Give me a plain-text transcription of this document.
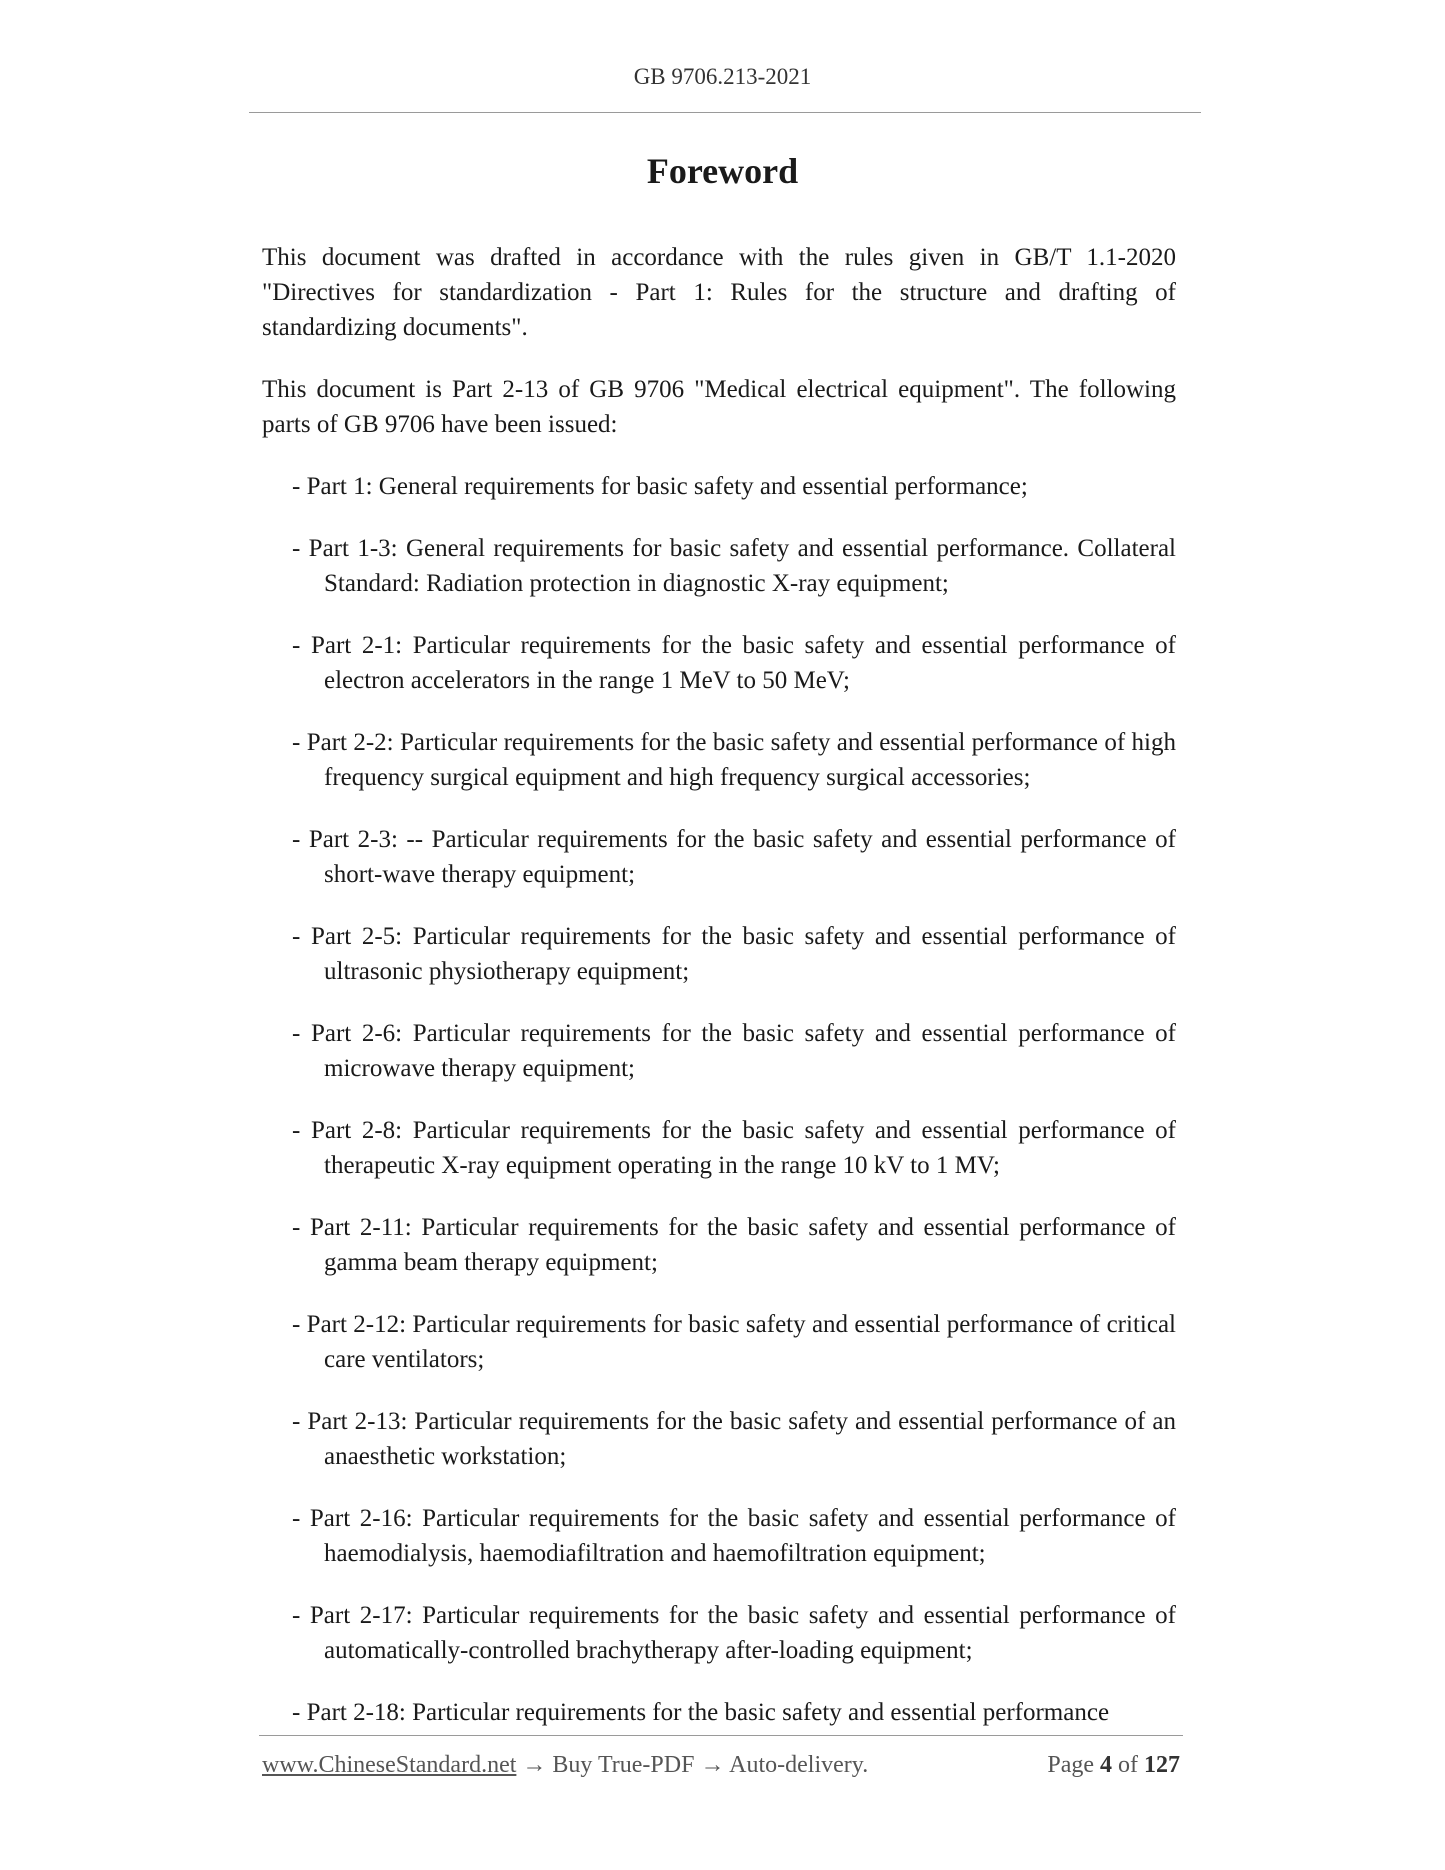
GB 9706.213-2021
Foreword

This document was drafted in accordance with the rules given in GB/T 1.1-2020 "Directives for standardization - Part 1: Rules for the structure and drafting of standardizing documents".

This document is Part 2-13 of GB 9706 "Medical electrical equipment". The following parts of GB 9706 have been issued:

- Part 1: General requirements for basic safety and essential performance;
- Part 1-3: General requirements for basic safety and essential performance. Collateral Standard: Radiation protection in diagnostic X-ray equipment;
- Part 2-1: Particular requirements for the basic safety and essential performance of electron accelerators in the range 1 MeV to 50 MeV;
- Part 2-2: Particular requirements for the basic safety and essential performance of high frequency surgical equipment and high frequency surgical accessories;
- Part 2-3: -- Particular requirements for the basic safety and essential performance of short-wave therapy equipment;
- Part 2-5: Particular requirements for the basic safety and essential performance of ultrasonic physiotherapy equipment;
- Part 2-6: Particular requirements for the basic safety and essential performance of microwave therapy equipment;
- Part 2-8: Particular requirements for the basic safety and essential performance of therapeutic X-ray equipment operating in the range 10 kV to 1 MV;
- Part 2-11: Particular requirements for the basic safety and essential performance of gamma beam therapy equipment;
- Part 2-12: Particular requirements for basic safety and essential performance of critical care ventilators;
- Part 2-13: Particular requirements for the basic safety and essential performance of an anaesthetic workstation;
- Part 2-16: Particular requirements for the basic safety and essential performance of haemodialysis, haemodiafiltration and haemofiltration equipment;
- Part 2-17: Particular requirements for the basic safety and essential performance of automatically-controlled brachytherapy after-loading equipment;
- Part 2-18: Particular requirements for the basic safety and essential performance
www.ChineseStandard.net → Buy True-PDF → Auto-delivery.	Page 4 of 127
